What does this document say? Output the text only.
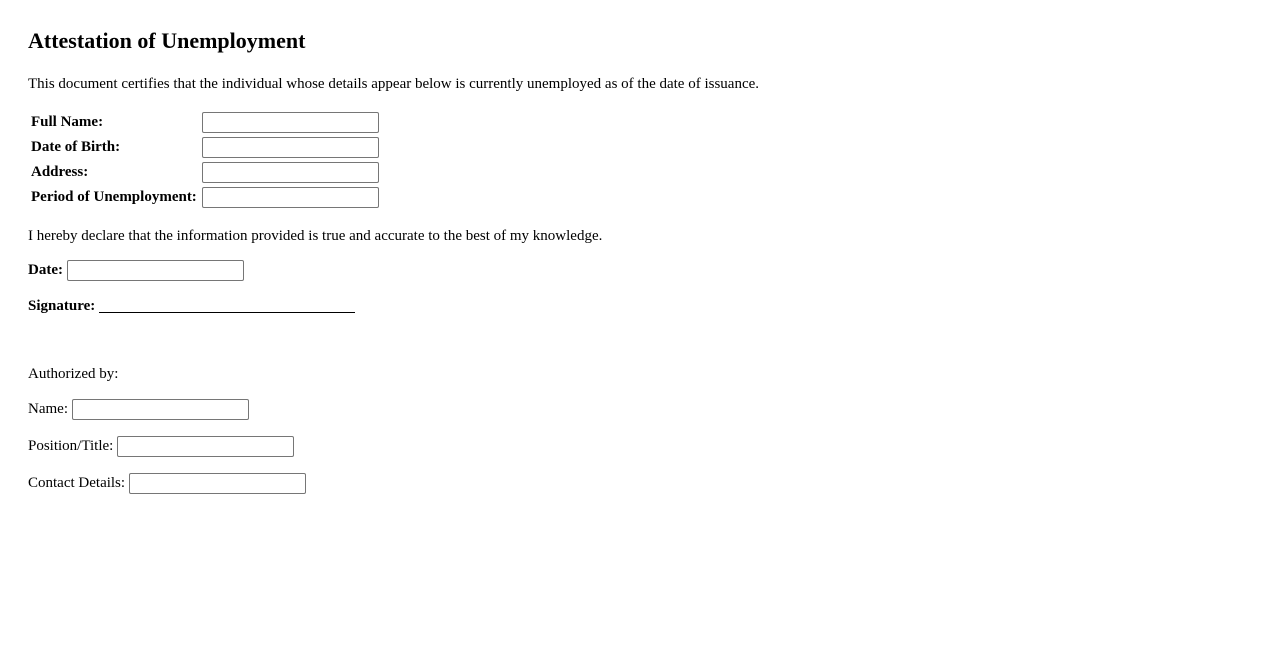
Attestation of Unemployment

This document certifies that the individual whose details appear below is currently unemployed as of the date of issuance.

Full Name:	
Date of Birth:	
Address:	
Period of Unemployment:	
I hereby declare that the information provided is true and accurate to the best of my knowledge.
Date:
Signature:
Authorized by:
Name:
Position/Title:
Contact Details:
